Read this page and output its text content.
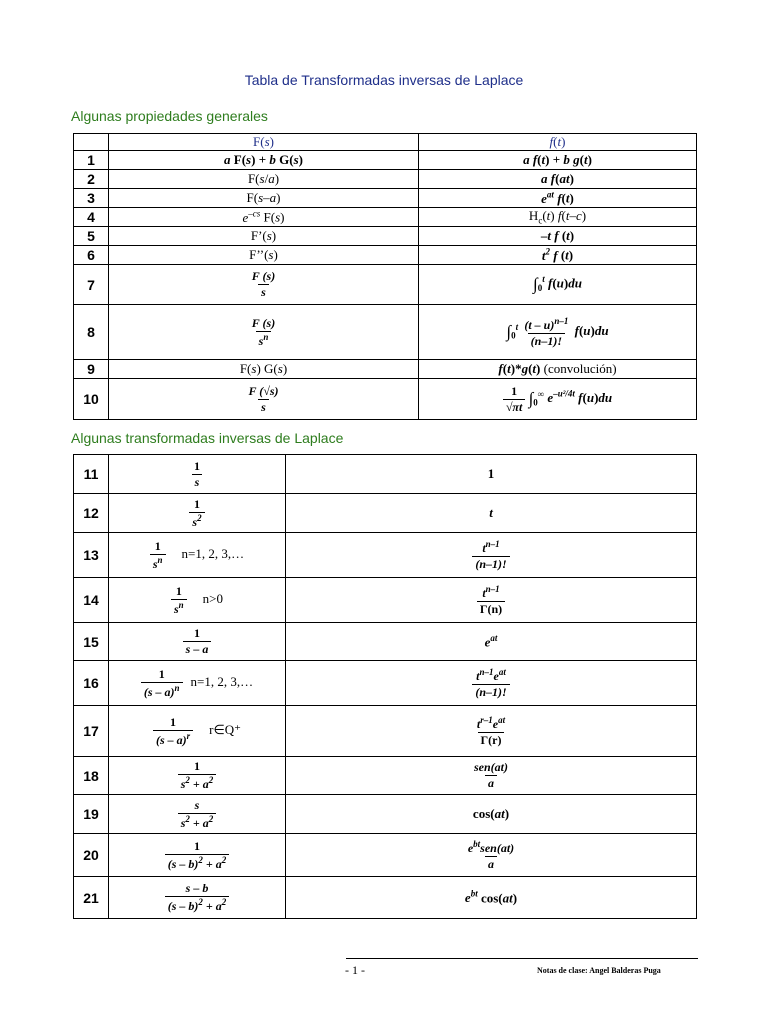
Tabla de Transformadas inversas de Laplace
Algunas propiedades generales
	F(s)	f(t)
1	a F(s) + b G(s)	a f(t) + b g(t)
2	F(s/a)	a f(at)
3	F(s–a)	$e^{at}$ f(t)
4	$e^{-cs}$ F(s)	$H_c(t)$ f(t–c)
5	F’(s)	–t f (t)
6	F’’(s)	$t^2$ f (t)
7	$\frac{F (s)}{s}$	$\int_0^t$ f(u)du
8	$\frac{F (s)}{s^n}$	$\int_0^t \frac{(t - u)^{n-1}}{(n-1)!} f(u)du$
9	F(s) G(s)	f(t)*g(t) (convolución)
10	$\frac{F (√s)}{s}$	$\frac{1}{√\pi t} \int_0^\infty$ $e^{-u^2/4t}$ f(u)du
Algunas transformadas inversas de Laplace
11	$\frac{1}{s}$	1
12	$\frac{1}{s^2}$	t
13	$\frac{1}{s^n} n=1$, 2, 3,…	$\frac{t^{n-1}}{(n-1)!}$

14	$\frac{1}{s^n} n>0$	$\frac{t^{n-1}}{\Gamma(n)}$

15	$\frac{1}{s - a}$	$e^{at}$
16	$\frac{1}{(s - a)^n} n=1$, 2, 3,…	$\frac{t^{n-1}e^{at}}{(n-1)!}$

17	$\frac{1}{(s - a)^r}$ r∈Q⁺	$\frac{t^{r-1}e^{at}}{\Gamma(r)}$

18	$\frac{1}{s^2 + a^2}$	$\frac{\text{sen(at)}}{a}$

19	$\frac{s}{s^2 + a^2}$	cos(at)
20	$\frac{1}{(s - b)^2 + a^2}$	$\frac{e^{bt}sen(at)}{a}$

21	$\frac{s - b}{(s - b)^2 + a^2}$	$e^{bt}$ cos(at)
- 1 -	Notas de clase: Angel Balderas Puga
